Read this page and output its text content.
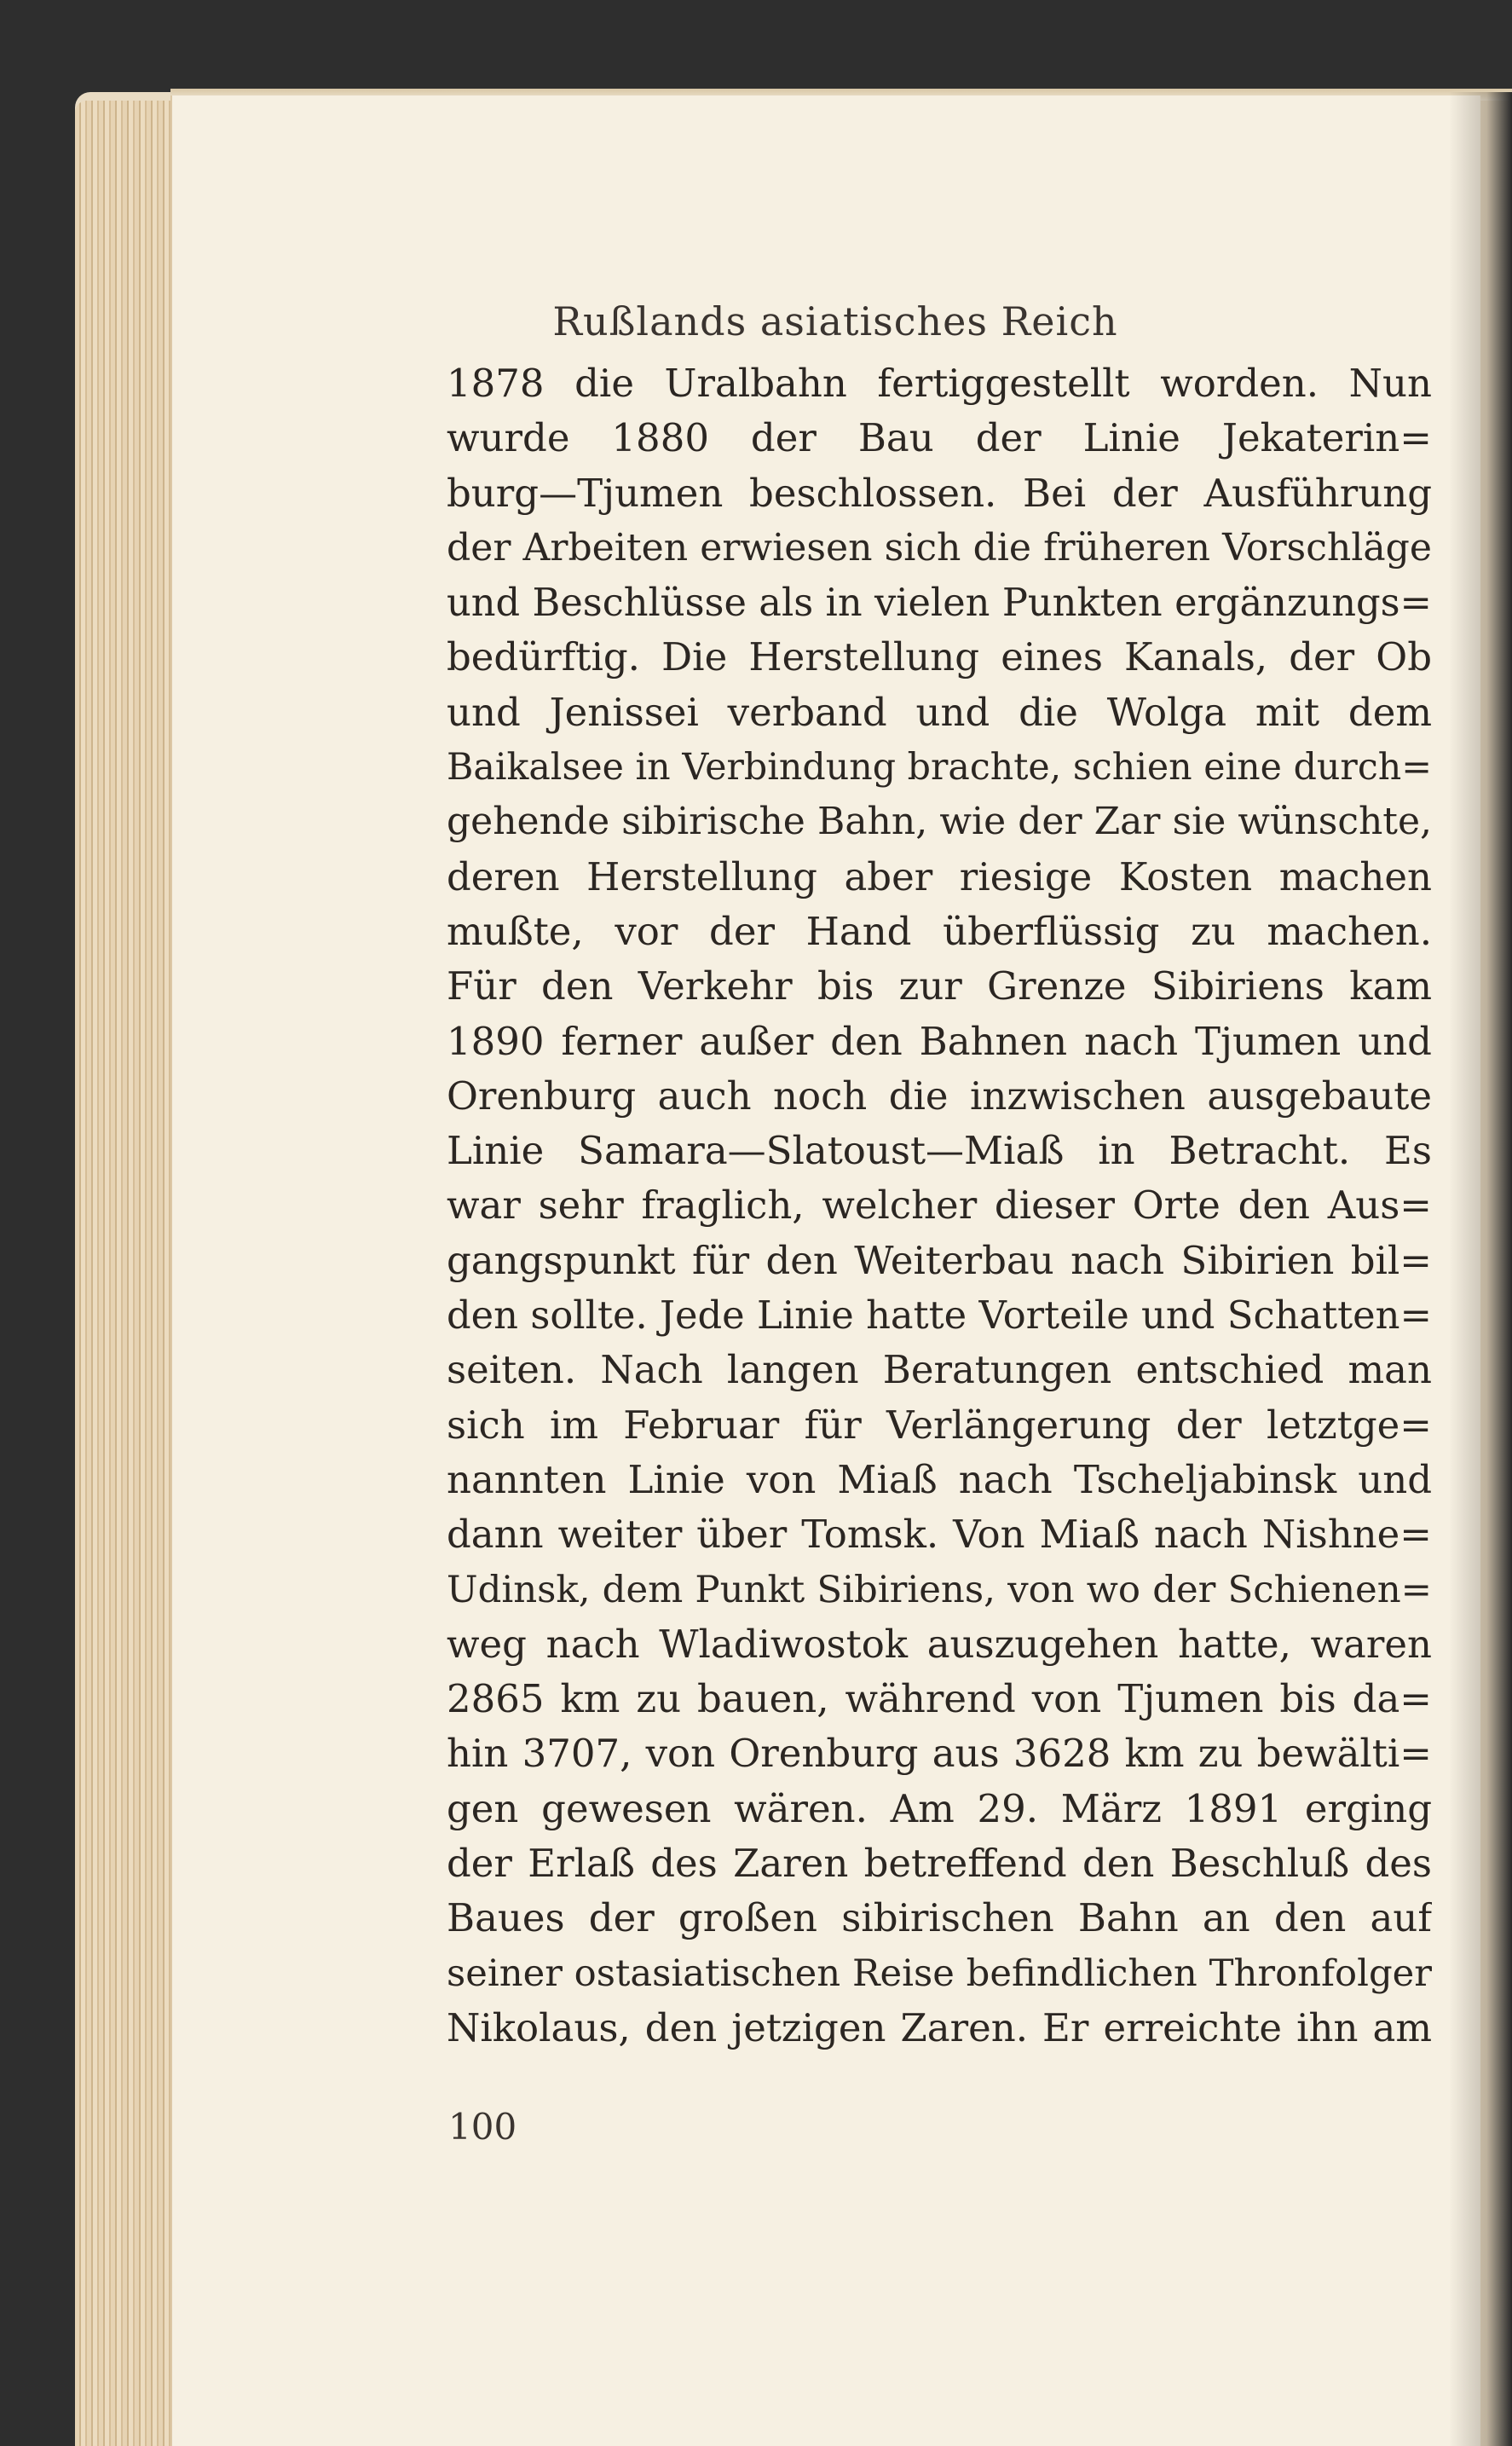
Rußlands asiatisches Reich
1878 die Uralbahn fertiggestellt worden. Nun
wurde 1880 der Bau der Linie Jekaterin=
burg—Tjumen beschlossen. Bei der Ausführung
der Arbeiten erwiesen sich die früheren Vorschläge
und Beschlüsse als in vielen Punkten ergänzungs=
bedürftig. Die Herstellung eines Kanals, der Ob
und Jenissei verband und die Wolga mit dem
Baikalsee in Verbindung brachte, schien eine durch=
gehende sibirische Bahn, wie der Zar sie wünschte,
deren Herstellung aber riesige Kosten machen
mußte, vor der Hand überflüssig zu machen.
Für den Verkehr bis zur Grenze Sibiriens kam
1890 ferner außer den Bahnen nach Tjumen und
Orenburg auch noch die inzwischen ausgebaute
Linie Samara—Slatoust—Miaß in Betracht. Es
war sehr fraglich, welcher dieser Orte den Aus=
gangspunkt für den Weiterbau nach Sibirien bil=
den sollte. Jede Linie hatte Vorteile und Schatten=
seiten. Nach langen Beratungen entschied man
sich im Februar für Verlängerung der letztge=
nannten Linie von Miaß nach Tscheljabinsk und
dann weiter über Tomsk. Von Miaß nach Nishne=
Udinsk, dem Punkt Sibiriens, von wo der Schienen=
weg nach Wladiwostok auszugehen hatte, waren
2865 km zu bauen, während von Tjumen bis da=
hin 3707, von Orenburg aus 3628 km zu bewälti=
gen gewesen wären. Am 29. März 1891 erging
der Erlaß des Zaren betreffend den Beschluß des
Baues der großen sibirischen Bahn an den auf
seiner ostasiatischen Reise befindlichen Thronfolger
Nikolaus, den jetzigen Zaren. Er erreichte ihn am
100
